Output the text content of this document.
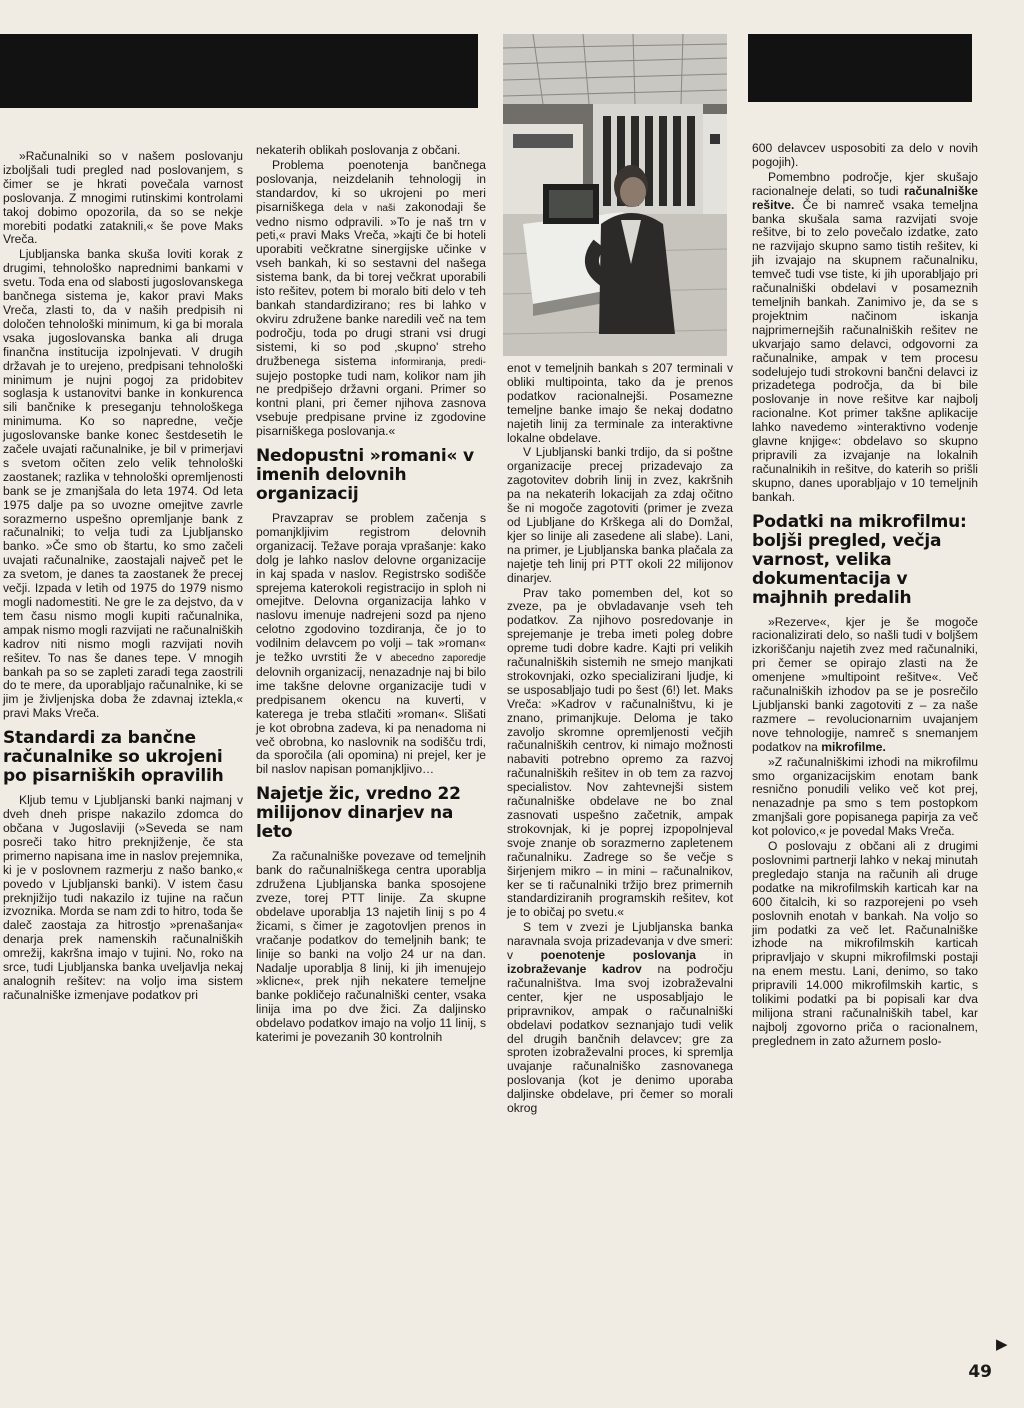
»Računalniki so v našem poslovanju izboljšali tudi pregled nad poslovanjem, s čimer se je hkrati povečala varnost poslovanja. Z mnogimi rutinskimi kontrolami takoj dobimo opozorila, da so se nekje morebiti podatki zataknili,« še pove Maks Vreča.

Ljubljanska banka skuša loviti korak z drugimi, tehnološko naprednimi bankami v svetu. Toda ena od slabosti jugoslovanskega bančnega sistema je, kakor pravi Maks Vreča, zlasti to, da v naših predpisih ni določen tehnološki minimum, ki ga bi morala vsaka jugoslovanska banka ali druga finančna institucija izpolnjevati. V drugih državah je to urejeno, predpisani tehnološki minimum je nujni pogoj za pridobitev soglasja k ustanovitvi banke in konkurenca sili bančnike k preseganju tehnološkega minimuma. Ko so napredne, večje jugoslovanske banke konec šestdesetih le začele uvajati računalnike, je bil v primerjavi s svetom očiten zelo velik tehnološki zaostanek; razlika v tehnološki opremljenosti bank se je zmanjšala do leta 1974. Od leta 1975 dalje pa so uvozne omejitve zavrle sorazmerno uspešno opremljanje bank z računalniki; to velja tudi za Ljubljansko banko. »Če smo ob štartu, ko smo začeli uvajati računalnike, zaostajali največ pet le za svetom, je danes ta zaostanek že precej večji. Izpada v letih od 1975 do 1979 nismo mogli nadomestiti. Ne gre le za dejstvo, da v tem času nismo mogli kupiti računalnika, ampak nismo mogli razvijati ne računalniških kadrov niti nismo mogli razvijati novih rešitev. To nas še danes tepe. V mnogih bankah pa so se zapleti zaradi tega zaostrili do te mere, da uporabljajo računalnike, ki se jim je življenjska doba že zdavnaj iztekla,« pravi Maks Vreča.

Standardi za bančne računalnike so ukrojeni po pisarniških opravilih

Kljub temu v Ljubljanski banki najmanj v dveh dneh prispe nakazilo zdomca do občana v Jugoslaviji (»Seveda se nam posreči tako hitro preknjiženje, če sta primerno napisana ime in naslov prejemnika, ki je v poslovnem razmerju z našo banko,« povedo v Ljubljanski banki). V istem času preknjižijo tudi nakazilo iz tujine na račun izvoznika. Morda se nam zdi to hitro, toda še daleč zaostaja za hitrostjo »prenašanja« denarja prek namenskih računalniških omrežij, kakršna imajo v tujini. No, roko na srce, tudi Ljubljanska banka uveljavlja nekaj analognih rešitev: na voljo ima sistem računalniške izmenjave podatkov pri

nekaterih oblikah poslovanja z občani.

Problema poenotenja bančnega poslovanja, neizdelanih tehnologij in standardov, ki so ukrojeni po meri pisarniškega dela v naši zakonodaji še vedno nismo odpravili. »To je naš trn v peti,« pravi Maks Vreča, »kajti če bi hoteli uporabiti večkratne sinergijske učinke v vseh bankah, ki so sestavni del našega sistema bank, da bi torej večkrat uporabili isto rešitev, potem bi moralo biti delo v teh bankah standardizirano; res bi lahko v okviru združene banke naredili več na tem področju, toda po drugi strani vsi drugi sistemi, ki so pod ‚skupno' streho družbenega sistema informiranja, predi- sujejo postopke tudi nam, kolikor nam jih ne predpišejo državni organi. Primer so kontni plani, pri čemer njihova zasnova vsebuje predpisane prvine iz zgodovine pisarniškega poslovanja.«

Nedopustni »romani« v imenih delovnih organizacij

Pravzaprav se problem začenja s pomanjkljivim registrom delovnih organizacij. Težave poraja vprašanje: kako dolg je lahko naslov delovne organizacije in kaj spada v naslov. Registrsko sodišče sprejema katerokoli registracijo in sploh ni omejitve. Delovna organizacija lahko v naslovu imenuje nadrejeni sozd pa njeno celotno zgodovino tozdiranja, če jo to vodilnim delavcem po volji – tak »roman« je težko uvrstiti že v abecedno zaporedje delovnih organizacij, nenazadnje naj bi bilo ime takšne delovne organizacije tudi v predpisanem okencu na kuverti, v katerega je treba stlačiti »roman«. Slišati je kot obrobna zadeva, ki pa nenadoma ni več obrobna, ko naslovnik na sodišču trdi, da sporočila (ali opomina) ni prejel, ker je bil naslov napisan pomanjkljivo…

Najetje žic, vredno 22 milijonov dinarjev na leto

Za računalniške povezave od temeljnih bank do računalniškega centra uporablja združena Ljubljanska banka sposojene zveze, torej PTT linije. Za skupne obdelave uporablja 13 najetih linij s po 4 žicami, s čimer je zagotovljen prenos in vračanje podatkov do temeljnih bank; te linije so banki na voljo 24 ur na dan. Nadalje uporablja 8 linij, ki jih imenujejo »klicne«, prek njih nekatere temeljne banke pokličejo računalniški center, vsaka linija ima po dve žici. Za daljinsko obdelavo podatkov imajo na voljo 11 linij, s katerimi je povezanih 30 kontrolnih

enot v temeljnih bankah s 207 terminali v obliki multipointa, tako da je prenos podatkov racionalnejši. Posamezne temeljne banke imajo še nekaj dodatno najetih linij za terminale za interaktivne lokalne obdelave.

V Ljubljanski banki trdijo, da si poštne organizacije precej prizadevajo za zagotovitev dobrih linij in zvez, kakršnih pa na nekaterih lokacijah za zdaj očitno še ni mogoče zagotoviti (primer je zveza od Ljubljane do Krškega ali do Domžal, kjer so linije ali zasedene ali slabe). Lani, na primer, je Ljubljanska banka plačala za najetje teh linij pri PTT okoli 22 milijonov dinarjev.

Prav tako pomemben del, kot so zveze, pa je obvladavanje vseh teh podatkov. Za njihovo posredovanje in sprejemanje je treba imeti poleg dobre opreme tudi dobre kadre. Kajti pri velikih računalniških sistemih ne smejo manjkati strokovnjaki, ozko specializirani ljudje, ki se usposabljajo tudi po šest (6!) let. Maks Vreča: »Kadrov v računalništvu, ki je znano, primanjkuje. Deloma je tako zavoljo skromne opremljenosti večjih računalniških centrov, ki nimajo možnosti nabaviti potrebno opremo za razvoj računalniških rešitev in ob tem za razvoj specialistov. Nov zahtevnejši sistem računalniške obdelave ne bo znal zasnovati uspešno začetnik, ampak strokovnjak, ki je poprej izpopolnjeval svoje znanje ob sorazmerno zapletenem računalniku. Zadrege so še večje s širjenjem mikro – in mini – računalnikov, ker se ti računalniki tržijo brez primernih standardiziranih programskih rešitev, kot je to običaj po svetu.«

S tem v zvezi je Ljubljanska banka naravnala svoja prizadevanja v dve smeri: v poenotenje poslovanja in izobraževanje kadrov na področju računalništva. Ima svoj izobraževalni center, kjer ne usposabljajo le pripravnikov, ampak o računalniški obdelavi podatkov seznanjajo tudi velik del drugih bančnih delavcev; gre za sproten izobraževalni proces, ki spremlja uvajanje računalniško zasnovanega poslovanja (kot je denimo uporaba daljinske obdelave, pri čemer so morali okrog

600 delavcev usposobiti za delo v novih pogojih).

Pomembno področje, kjer skušajo racionalneje delati, so tudi računalniške rešitve. Če bi namreč vsaka temeljna banka skušala sama razvijati svoje rešitve, bi to zelo povečalo izdatke, zato ne razvijajo skupno samo tistih rešitev, ki jih izvajajo na skupnem računalniku, temveč tudi vse tiste, ki jih uporabljajo pri računalniški obdelavi v posameznih temeljnih bankah. Zanimivo je, da se s projektnim načinom iskanja najprimernejših računalniških rešitev ne ukvarjajo samo delavci, odgovorni za računalnike, ampak v tem procesu sodelujejo tudi strokovni bančni delavci iz prizadetega področja, da bi bile poslovanje in nove rešitve kar najbolj racionalne. Kot primer takšne aplikacije lahko navedemo »interaktivno vodenje glavne knjige«: obdelavo so skupno pripravili za izvajanje na lokalnih računalnikih in rešitve, do katerih so prišli skupno, danes uporabljajo v 10 temeljnih bankah.

Podatki na mikrofilmu: boljši pregled, večja varnost, velika dokumentacija v majhnih predalih

»Rezerve«, kjer je še mogoče racionalizirati delo, so našli tudi v boljšem izkoriščanju najetih zvez med računalniki, pri čemer se opirajo zlasti na že omenjene »multipoint rešitve«. Več računalniških izhodov pa se je posrečilo Ljubljanski banki zagotoviti z – za naše razmere – revolucionarnim uvajanjem nove tehnologije, namreč s snemanjem podatkov na mikrofilme.

»Z računalniškimi izhodi na mikrofilmu smo organizacijskim enotam bank resnično ponudili veliko več kot prej, nenazadnje pa smo s tem postopkom zmanjšali gore popisanega papirja za več kot polovico,« je povedal Maks Vreča.

O poslovaju z občani ali z drugimi poslovnimi partnerji lahko v nekaj minutah pregledajo stanja na računih ali druge podatke na mikrofilmskih karticah kar na 600 čitalcih, ki so razporejeni po vseh poslovnih enotah v bankah. Na voljo so jim podatki za več let. Računalniške izhode na mikrofilmskih karticah pripravljajo v skupni mikrofilmski postaji na enem mestu. Lani, denimo, so tako pripravili 14.000 mikrofilmskih kartic, s tolikimi podatki pa bi popisali kar dva milijona strani računalniških tabel, kar najbolj zgovorno priča o racionalnem, preglednem in zato ažurnem poslo-

▶
49
